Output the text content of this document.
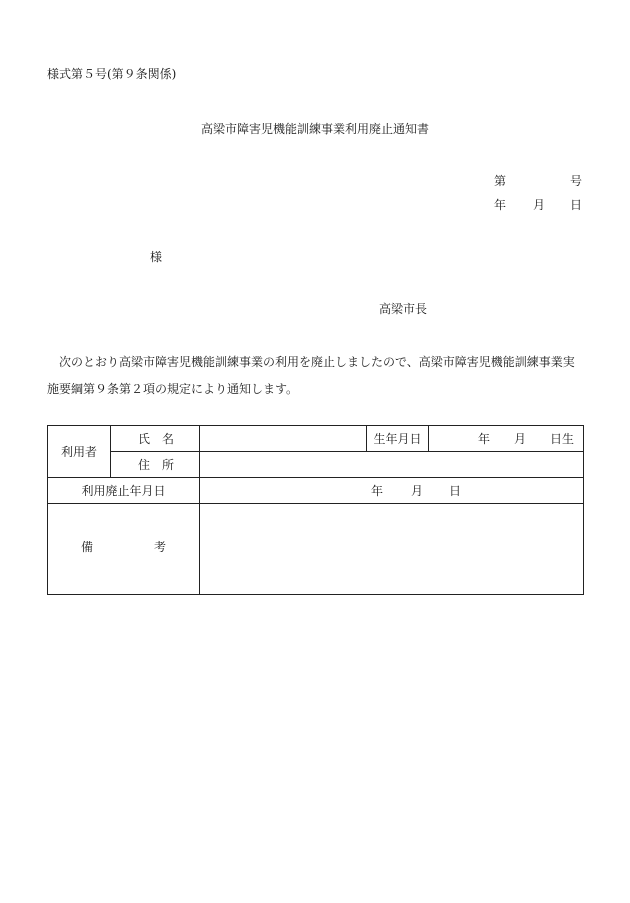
様式第５号(第９条関係)
高梁市障害児機能訓練事業利用廃止通知書
第	号
年 月 日
様
高梁市長
次のとおり高梁市障害児機能訓練事業の利用を廃止しましたので、高梁市障害児機能訓練事業実施要綱第９条第２項の規定により通知します。
利用者	氏 名		生年月日	年 月 日生

	住 所			

利用廃止年月日		年 月 日		

備 考				
